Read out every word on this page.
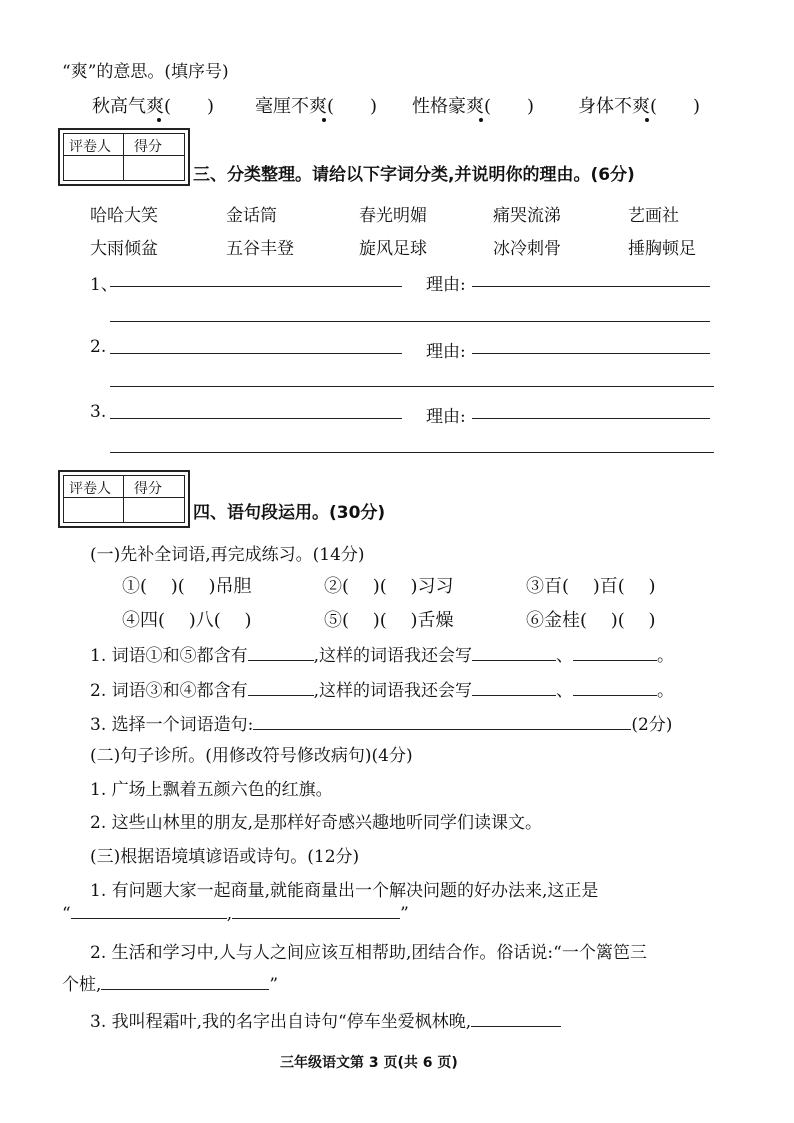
“爽”的意思。(填序号)
秋高气爽(　　) 毫厘不爽(　　) 性格豪爽(　　) 身体不爽(　　)
评卷人 得分
三、分类整理。请给以下字词分类,并说明你的理由。(6分)
哈哈大笑	金话筒	春光明媚	痛哭流涕	艺画社
大雨倾盆	五谷丰登	旋风足球	冰冷刺骨	捶胸顿足
1、	理由:
2.	理由:
3.	理由:
评卷人 得分
四、语句段运用。(30分)
(一)先补全词语,再完成练习。(14分)
①(　 )(　 )吊胆	②(　 )(　 )习习	③百(　 )百(　 )
④四(　 )八(　 )	⑤(　 )(　 )舌燥	⑥金桂(　 )(　 )
1. 词语①和⑤都含有	,这样的词语我还会写	、	。
2. 词语③和④都含有	,这样的词语我还会写	、	。
3. 选择一个词语造句:	(2分)
(二)句子诊所。(用修改符号修改病句)(4分)
1. 广场上飘着五颜六色的红旗。
2. 这些山林里的朋友,是那样好奇感兴趣地听同学们读课文。
(三)根据语境填谚语或诗句。(12分)
1. 有问题大家一起商量,就能商量出一个解决问题的好办法来,这正是
“	,	”
2. 生活和学习中,人与人之间应该互相帮助,团结合作。俗话说:“一个篱笆三
个桩,	”
3. 我叫程霜叶,我的名字出自诗句“停车坐爱枫林晚,
三年级语文第 3 页(共 6 页)
